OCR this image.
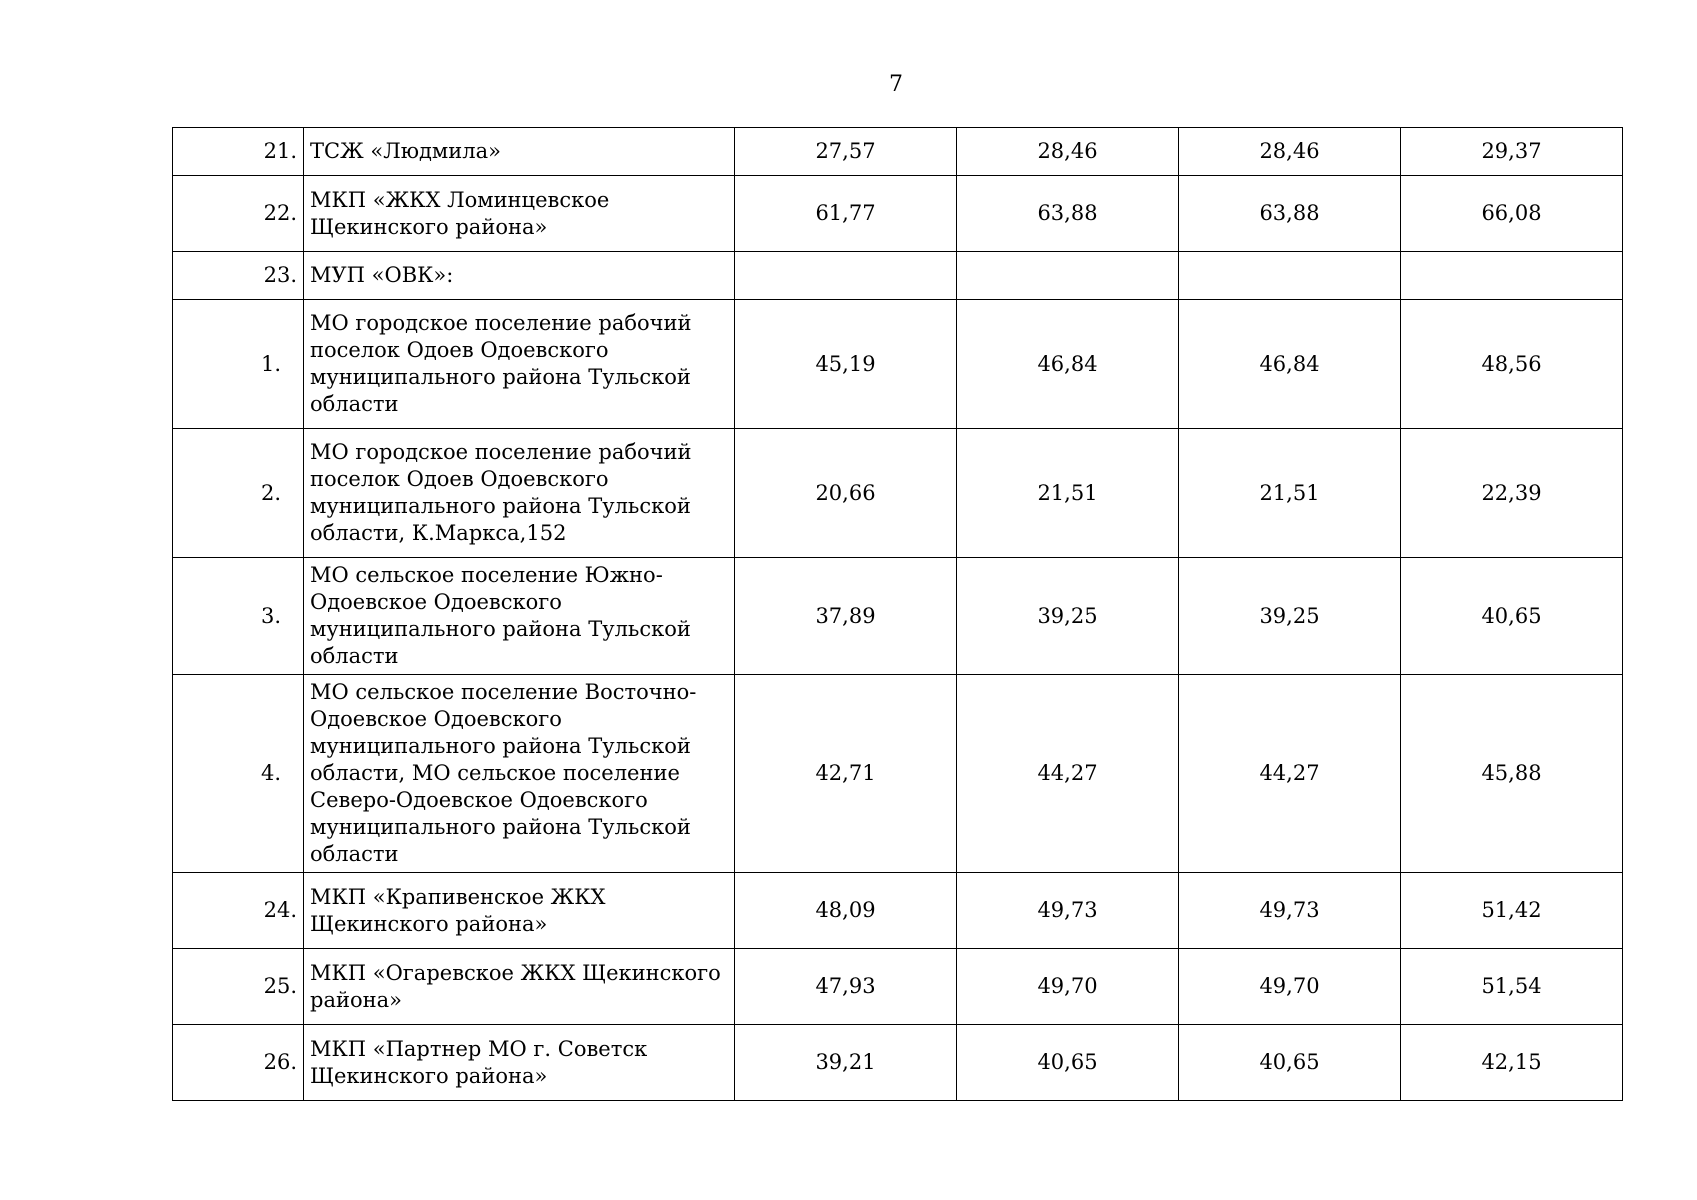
7
21.	ТСЖ «Людмила»	27,57	28,46	28,46	29,37
22.	МКП «ЖКХ Ломинцевское Щекинского района»	61,77	63,88	63,88	66,08
23.	МУП «ОВК»:				
1.	МО городское поселение рабочий поселок Одоев Одоевского муниципального района Тульской области	45,19	46,84	46,84	48,56
2.	МО городское поселение рабочий поселок Одоев Одоевского муниципального района Тульской области, К.Маркса,152	20,66	21,51	21,51	22,39
3.	МО сельское поселение Южно-Одоевское Одоевского муниципального района Тульской области	37,89	39,25	39,25	40,65
4.	МО сельское поселение Восточно-Одоевское Одоевского муниципального района Тульской области, МО сельское поселение Северо-Одоевское Одоевского муниципального района Тульской области	42,71	44,27	44,27	45,88
24.	МКП «Крапивенское ЖКХ Щекинского района»	48,09	49,73	49,73	51,42
25.	МКП «Огаревское ЖКХ Щекинского района»	47,93	49,70	49,70	51,54
26.	МКП «Партнер МО г. Советск Щекинского района»	39,21	40,65	40,65	42,15
